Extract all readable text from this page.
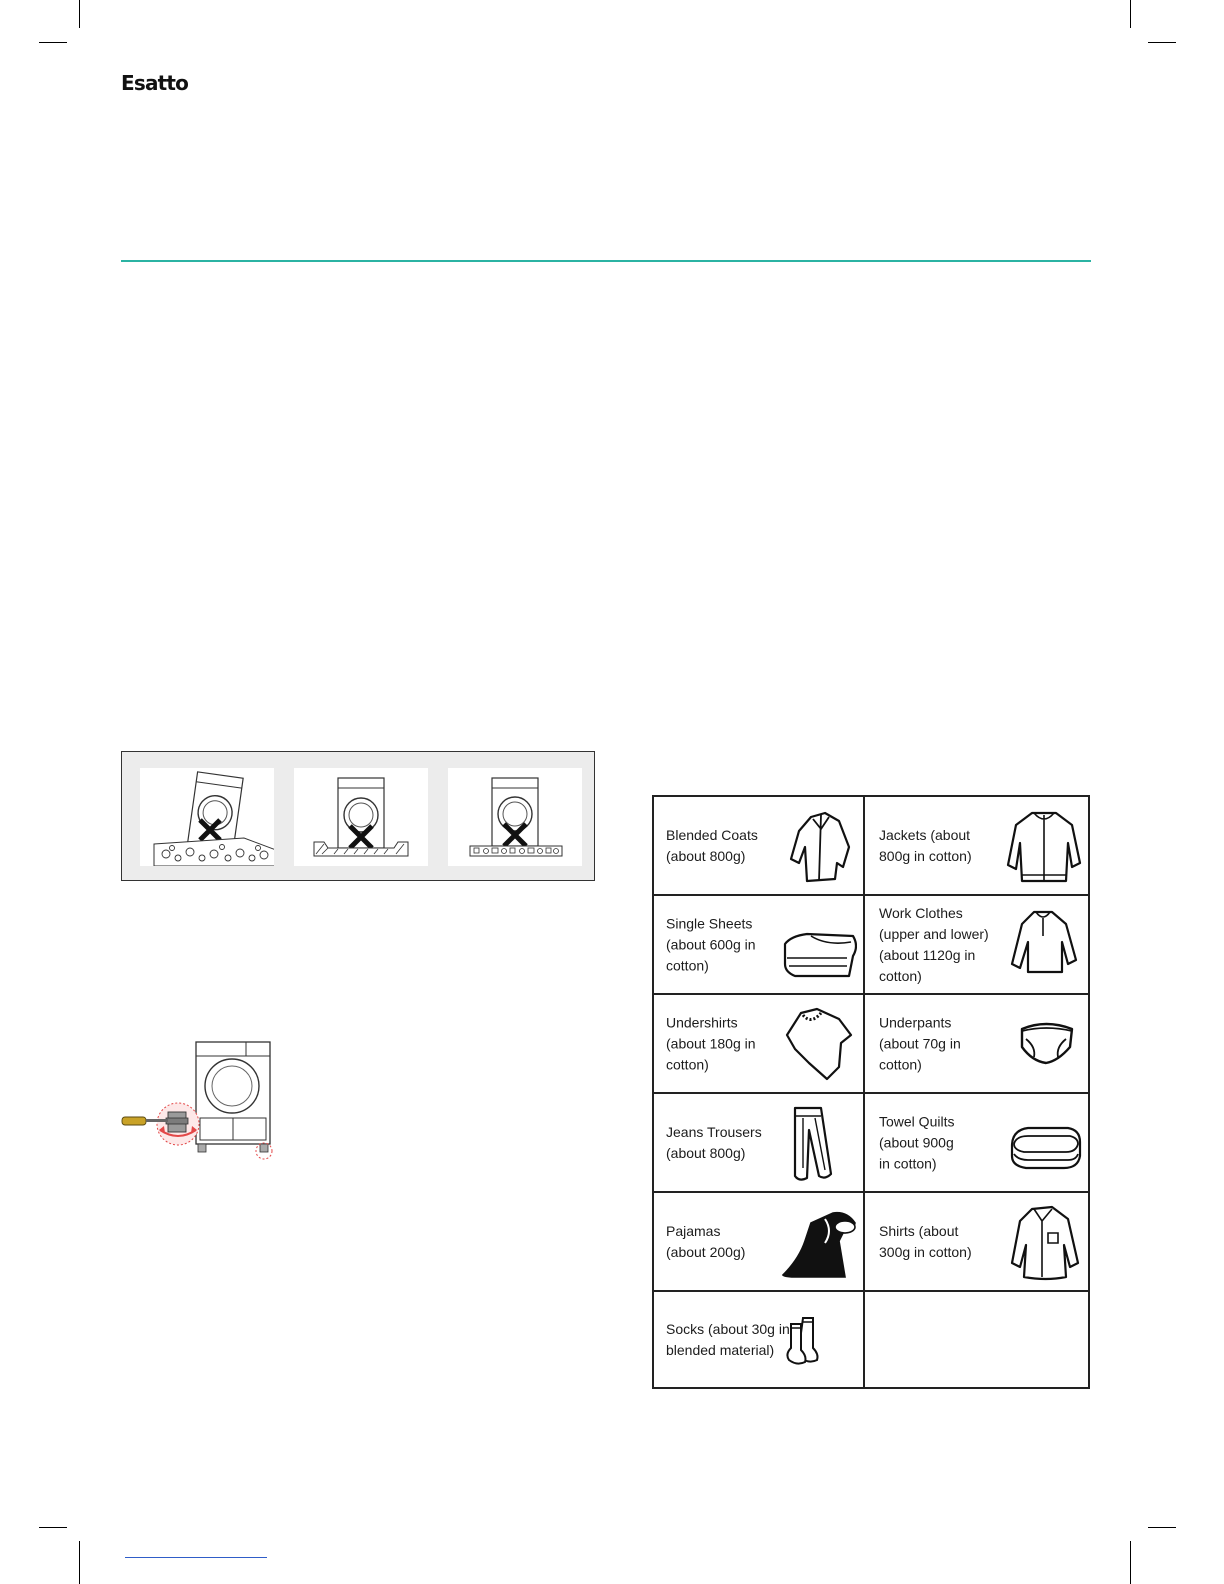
Esatto
Blended Coats
(about 800g)
Jackets (about
800g in cotton)
Single Sheets
(about 600g in
cotton)
Work Clothes
(upper and lower)
(about 1120g in
cotton)
Undershirts
(about 180g in
cotton)
Underpants
(about 70g in
cotton)
Jeans Trousers
(about 800g)
Towel Quilts
(about 900g
in cotton)
Pajamas
(about 200g)
Shirts (about
300g in cotton)
Socks (about 30g in
blended material)
